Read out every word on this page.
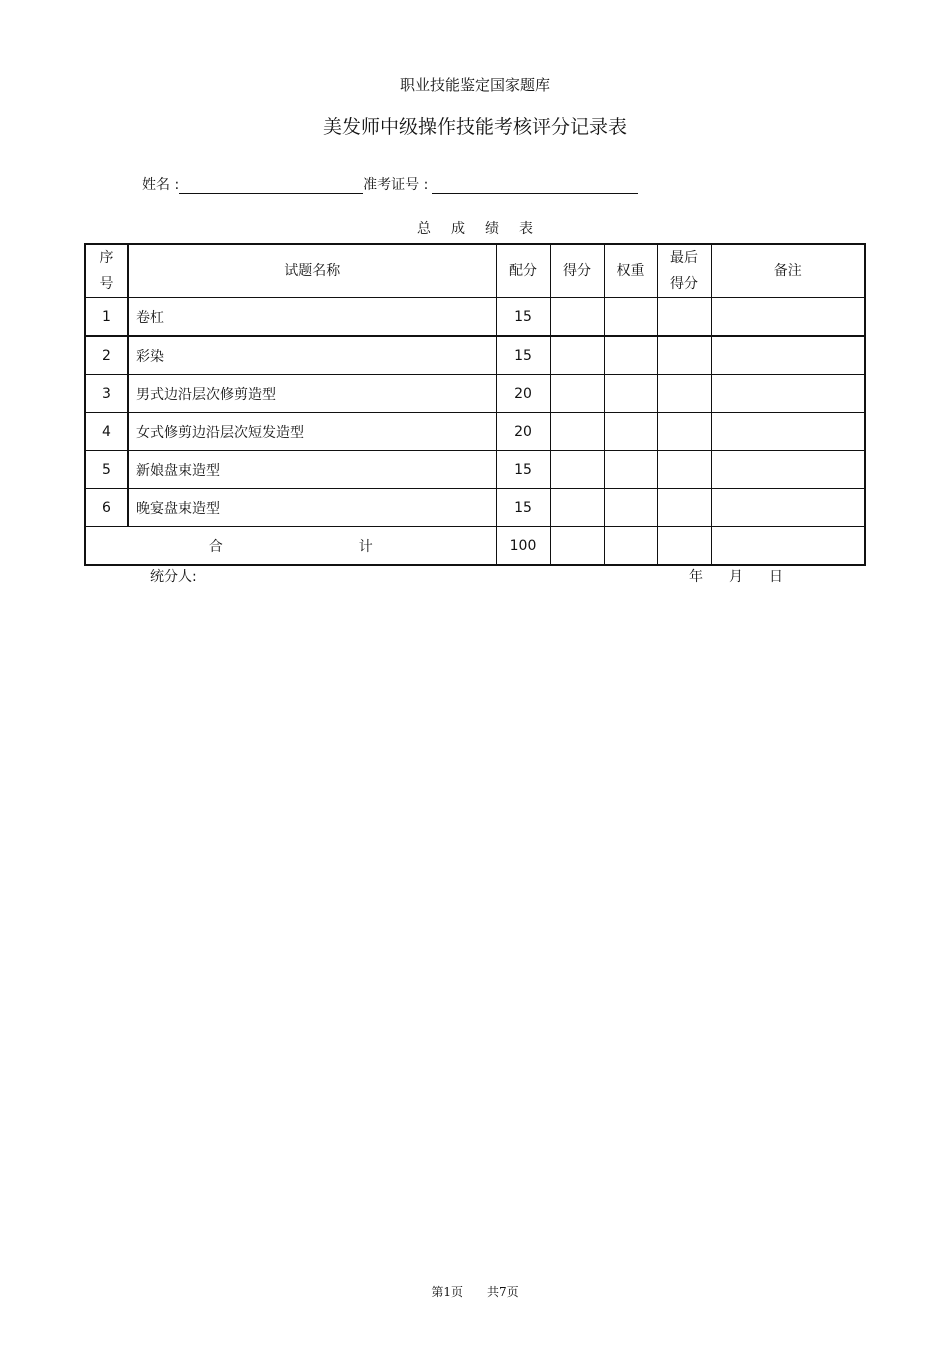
职业技能鉴定国家题库
美发师中级操作技能考核评分记录表
姓名 :	准考证号 :
总成绩表
序号	试题名称	配分	得分	权重	最后得分	备注
1	卷杠	15				
2	彩染	15				
3	男式边沿层次修剪造型	20				
4	女式修剪边沿层次短发造型	20				
5	新娘盘束造型	15				
6	晚宴盘束造型	15				
合 计		100				
统分人:	年 月 日
第1页 共7页
